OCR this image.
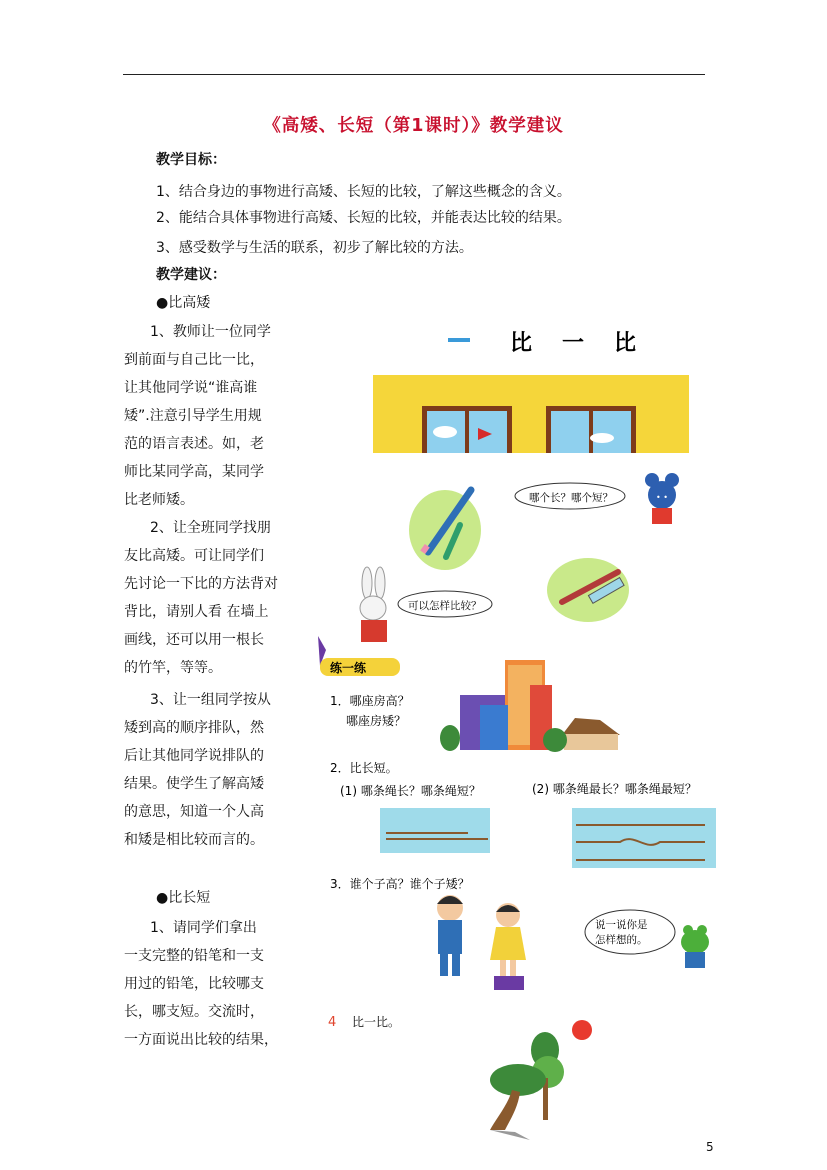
《高矮、长短（第1课时）》教学建议
教学目标：
1、结合身边的事物进行高矮、长短的比较，了解这些概念的含义。
2、能结合具体事物进行高矮、长短的比较，并能表达比较的结果。
3、感受数学与生活的联系，初步了解比较的方法。
教学建议：
●比高矮
1、教师让一位同学
到前面与自己比一比，
让其他同学说“谁高谁
矮”.注意引导学生用规
范的语言表述。如，老
师比某同学高，某同学
比老师矮。
2、让全班同学找朋
友比高矮。可让同学们
先讨论一下比的方法背对
背比，请别人看 在墙上
画线，还可以用一根长
的竹竿，等等。
3、让一组同学按从
矮到高的顺序排队，然
后让其他同学说排队的
结果。使学生了解高矮
的意思，知道一个人高
和矮是相比较而言的。
●比长短
1、请同学们拿出
一支完整的铅笔和一支
用过的铅笔，比较哪支
长，哪支短。交流时，
一方面说出比较的结果，
比一比
哪个长？哪个短？	• •
可以怎样比较？
练一练
1．哪座房高？
哪座房矮？
2．比长短。
(1) 哪条绳长？哪条绳短？	(2) 哪条绳最长？哪条绳最短？
3．谁个子高？谁个子矮？
说一说你是
怎样想的。
4 比一比。
5
